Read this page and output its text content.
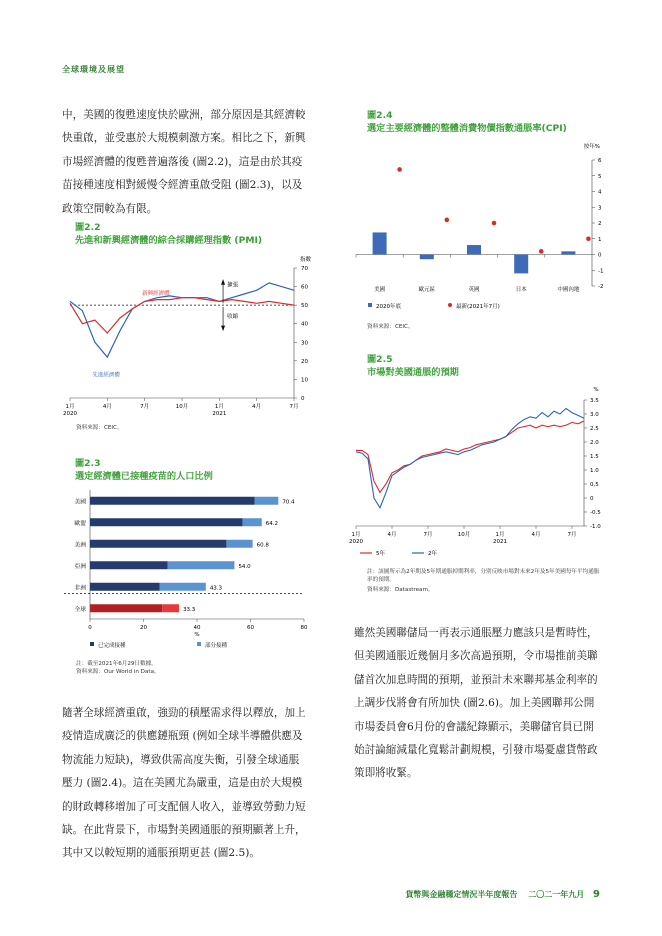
全球環境及展望
中，美國的復甦速度快於歐洲，部分原因是其經濟較
快重啟，並受惠於大規模刺激方案。相比之下，新興
市場經濟體的復甦普遍落後 (圖2.2)，這是由於其疫
苗接種速度相對緩慢令經濟重啟受阻 (圖2.3)，以及
政策空間較為有限。
圖2.2
先進和新興經濟體的綜合採購經理指數 (PMI)
指數
0
10
20
30
40
50
60
70
1月	4月	7月	10月	1月	4月	7月
2020	2021
新興經濟體
先進經濟體
擴張
收縮
資料來源：CEIC。
圖2.3
選定經濟體已接種疫苗的人口比例
0	20	40	60	80
%
美國	70.4
歐盟	64.2
美洲	60.8
亞洲	54.0
非洲	43.3
全球	33.3
已完成接種	部分接種
註：截至2021年6月29日數據。
資料來源：Our World in Data。
隨著全球經濟重啟，強勁的積壓需求得以釋放，加上
疫情造成廣泛的供應鏈瓶頸 (例如全球半導體供應及
物流能力短缺)，導致供需高度失衡，引發全球通脹
壓力 (圖2.4)。這在美國尤為嚴重，這是由於大規模
的財政轉移增加了可支配個人收入，並導致勞動力短
缺。在此背景下，市場對美國通脹的預期顯著上升，
其中又以較短期的通脹預期更甚 (圖2.5)。
圖2.4
選定主要經濟體的整體消費物價指數通脹率(CPI)
按年%
-2
-1
0
1
2
3
4
5
6
美國	歐元區	英國	日本	中國內地
2020年底	最新(2021年7月)
資料來源：CEIC。
圖2.5
市場對美國通脹的預期
%
-1.0
-0.5
0
0.5
1.0
1.5
2.0
2.5
3.0
3.5
1月	4月	7月	10月	1月	4月	7月
2020	2021
5年	2年
註：該圖所示為2年期及5年期通脹掉期利率，分別反映市場對未來2年及5年美國每年平均通脹率的預期。
資料來源：Datastream。
雖然美國聯儲局一再表示通脹壓力應該只是暫時性，
但美國通脹近幾個月多次高過預期，令市場推前美聯
儲首次加息時間的預期，並預計未來聯邦基金利率的
上調步伐將會有所加快 (圖2.6)。加上美國聯邦公開
市場委員會6月份的會議紀錄顯示，美聯儲官員已開
始討論縮減量化寬鬆計劃規模，引發市場憂慮貨幣政
策即將收緊。
貨幣與金融穩定情況半年度報告 二〇二一年九月 9
